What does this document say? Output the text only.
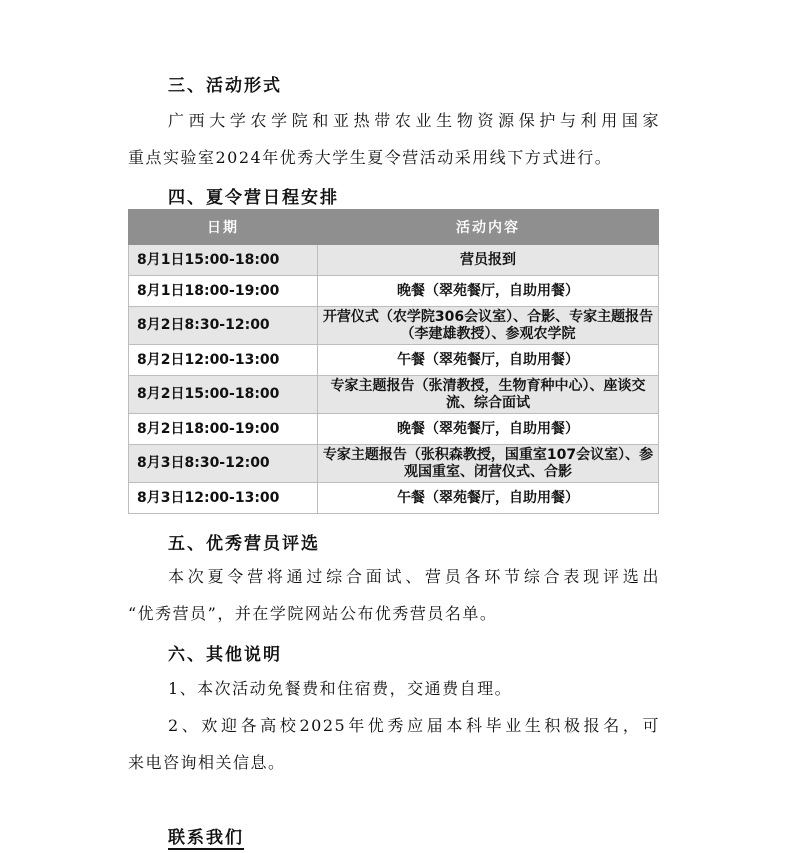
三、活动形式
广西大学农学院和亚热带农业生物资源保护与利用国家
重点实验室2024年优秀大学生夏令营活动采用线下方式进行。
四、夏令营日程安排
日期	活动内容
8月1日15:00-18:00	营员报到
8月1日18:00-19:00	晚餐（翠苑餐厅，自助用餐）
8月2日8:30-12:00	开营仪式（农学院306会议室）、合影、专家主题报告（李建雄教授）、参观农学院
8月2日12:00-13:00	午餐（翠苑餐厅，自助用餐）
8月2日15:00-18:00	专家主题报告（张清教授，生物育种中心）、座谈交流、综合面试
8月2日18:00-19:00	晚餐（翠苑餐厅，自助用餐）
8月3日8:30-12:00	专家主题报告（张积森教授，国重室107会议室）、参观国重室、闭营仪式、合影
8月3日12:00-13:00	午餐（翠苑餐厅，自助用餐）
五、优秀营员评选
本次夏令营将通过综合面试、营员各环节综合表现评选出
“优秀营员”，并在学院网站公布优秀营员名单。
六、其他说明
1、本次活动免餐费和住宿费，交通费自理。
2、欢迎各高校2025年优秀应届本科毕业生积极报名，可
来电咨询相关信息。
联系我们
